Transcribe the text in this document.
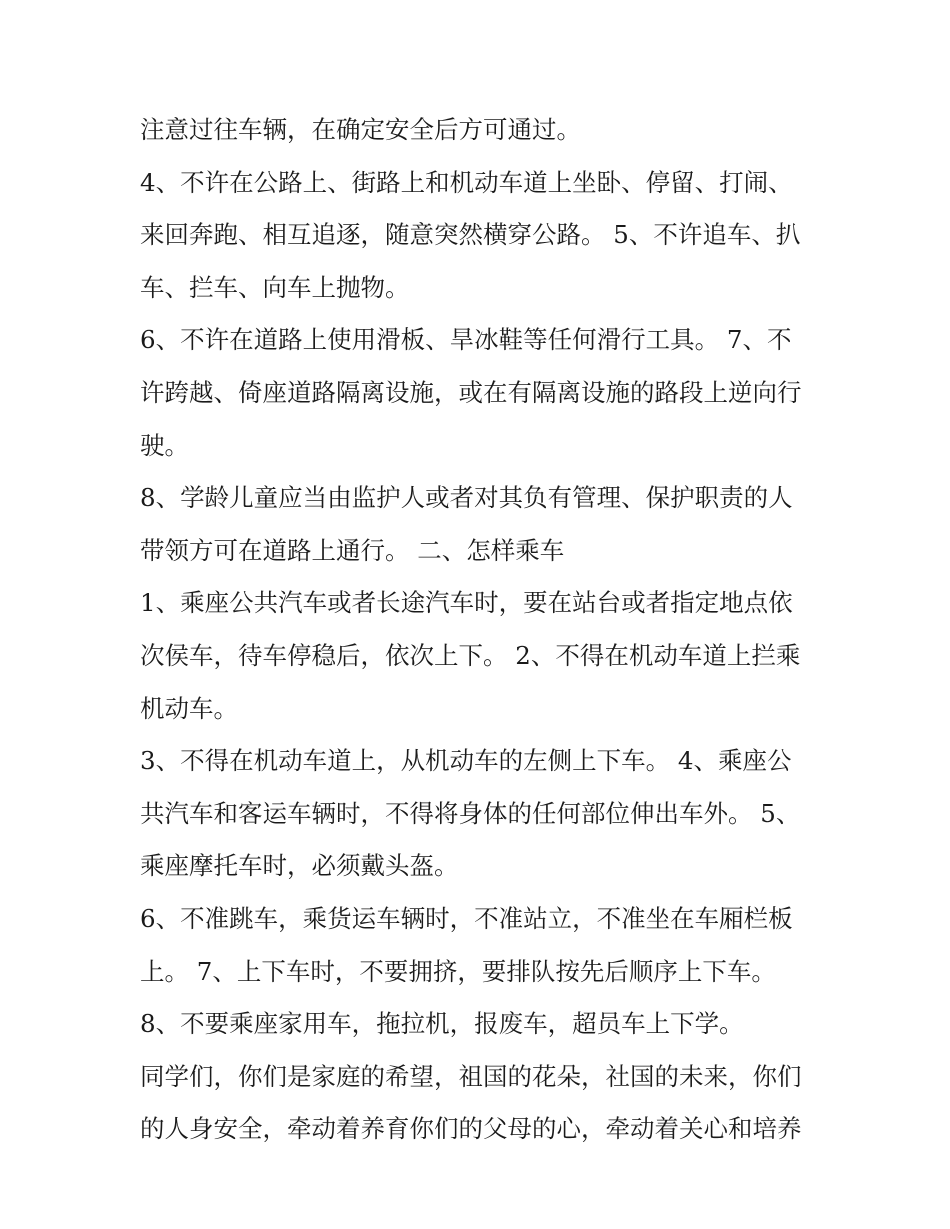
注意过往车辆，在确定安全后方可通过。
4、不许在公路上、街路上和机动车道上坐卧、停留、打闹、
来回奔跑、相互追逐，随意突然横穿公路。 5、不许追车、扒
车、拦车、向车上抛物。
6、不许在道路上使用滑板、旱冰鞋等任何滑行工具。 7、不
许跨越、倚座道路隔离设施，或在有隔离设施的路段上逆向行
驶。
8、学龄儿童应当由监护人或者对其负有管理、保护职责的人
带领方可在道路上通行。 二、怎样乘车
1、乘座公共汽车或者长途汽车时，要在站台或者指定地点依
次侯车，待车停稳后，依次上下。 2、不得在机动车道上拦乘
机动车。
3、不得在机动车道上，从机动车的左侧上下车。 4、乘座公
共汽车和客运车辆时，不得将身体的任何部位伸出车外。 5、
乘座摩托车时，必须戴头盔。
6、不准跳车，乘货运车辆时，不准站立，不准坐在车厢栏板
上。 7、上下车时，不要拥挤，要排队按先后顺序上下车。
8、不要乘座家用车，拖拉机，报废车，超员车上下学。
同学们，你们是家庭的希望，祖国的花朵，社国的未来，你们
的人身安全，牵动着养育你们的父母的心，牵动着关心和培养
